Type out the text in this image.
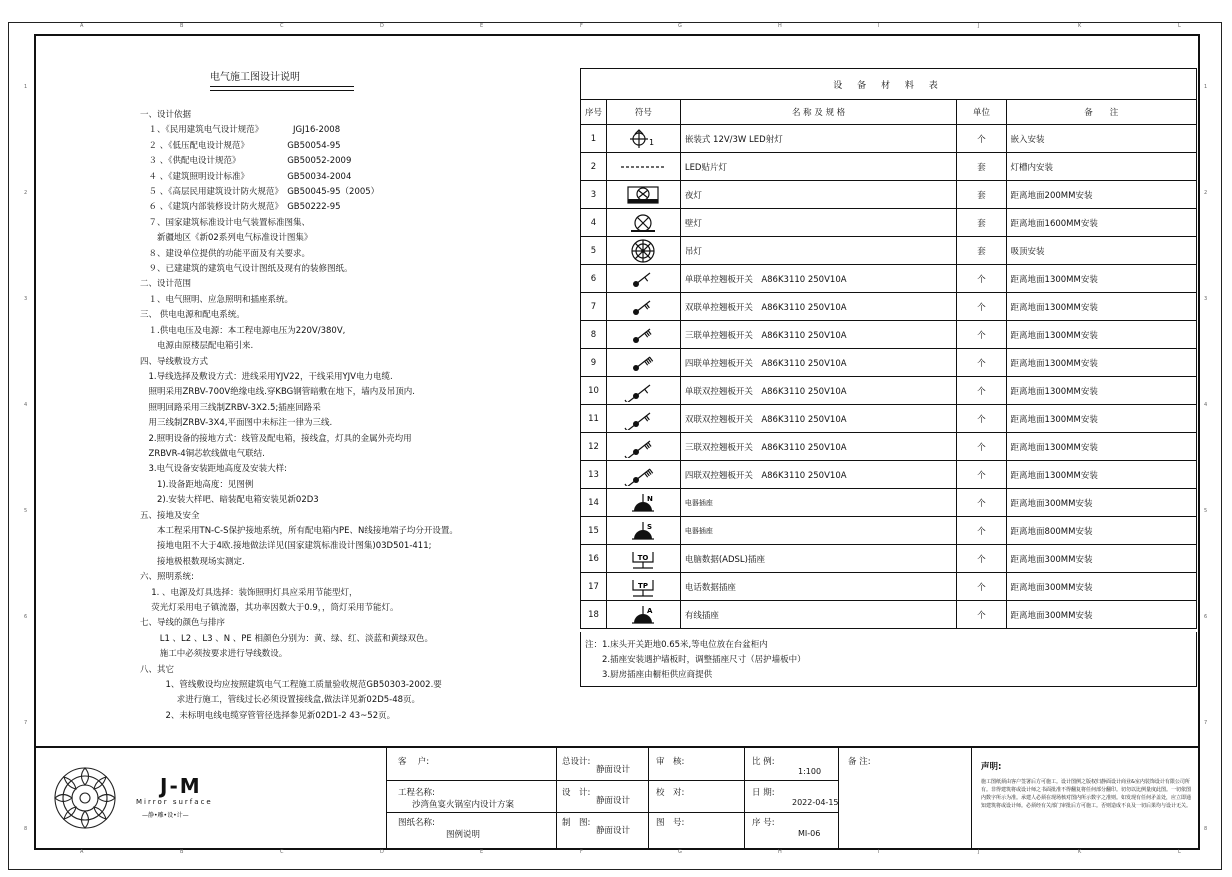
A	B	C	D	E	F	G	H	I	J	K	L
A	B	C	D	E	F	G	H	I	J	K	L
1
2
3
4
5
6
7
8
1
2
3
4
5
6
7
8
电气施工图设计说明
一、设计依据
　１、《民用建筑电气设计规范》　　　　JGJ16-2008
　２ 、《低压配电设计规范》　　　　　GB50054-95
　３ 、《供配电设计规范》　　　　　　GB50052-2009
　４ 、《建筑照明设计标准》　　　　　GB50034-2004
　５ 、《高层民用建筑设计防火规范》　GB50045-95（2005）
　６ 、《建筑内部装修设计防火规范》　GB50222-95
　７、国家建筑标准设计电气装置标准图集、
　　新疆地区《新02系列电气标准设计图集》
　８、建设单位提供的功能平面及有关要求。
　９、已建建筑的建筑电气设计图纸及现有的装修图纸。
二、设计范围
　１、电气照明、应急照明和插座系统。
三、 供电电源和配电系统。
　１.供电电压及电源：本工程电源电压为220V/380V,
　　电源由原楼层配电箱引来.
四、导线敷设方式
　1.导线选择及敷设方式：进线采用YJV22，干线采用YJV电力电缆.
　照明采用ZRBV-700V绝缘电线.穿KBG钢管暗敷在地下，墙内及吊顶内.
　照明回路采用三线制ZRBV-3X2.5;插座回路采
　用三线制ZRBV-3X4,平面图中未标注一律为三线.
　2.照明设备的接地方式：线管及配电箱，接线盒，灯具的金属外壳均用
　ZRBVR-4铜芯软线做电气联结.
　3.电气设备安装距地高度及安装大样:
　　1).设备距地高度：见图例
　　2).安装大样吧、暗装配电箱安装见新02D3
五、接地及安全
　　本工程采用TN-C-S保护接地系统，所有配电箱内PE、N线接地端子均分开设置。
　　接地电阻不大于4欧.接地做法详见(国家建筑标准设计图集)03D501-411;
　　接地极根数现场实测定.
六、照明系统:
　 1. 、电源及灯具选择：装饰照明灯具应采用节能型灯，
　 荧光灯采用电子镇流器，其功率因数大于0.9，，筒灯采用节能灯。
七、导线的颜色与排序
　　 L1 、L2 、L3 、N 、PE 相颜色分别为：黄、绿、红、淡蓝和黄绿双色。
　　 施工中必须按要求进行导线数设。
八、其它
　　　1、管线敷设均应按照建筑电气工程施工质量验收规范GB50303-2002.要
　　　　 求进行施工，管线过长必须设置接线盒,做法详见新02D5-48页。
　　　2、未标明电线电缆穿管管径选择参见新02D1-2 43~52页。
设 备 材 料 表				
序号	符号	名 称 及 规 格	单位	备　　注
1	1	嵌装式 12V/3W LED射灯	个	嵌入安装
2		LED贴片灯	套	灯槽内安装
3		夜灯	套	距离地面200MM安装
4		壁灯	套	距离地面1600MM安装
5		吊灯	套	吸顶安装
6		单联单控翘板开关　A86K3110 250V10A	个	距离地面1300MM安装
7		双联单控翘板开关　A86K3110 250V10A	个	距离地面1300MM安装
8		三联单控翘板开关　A86K3110 250V10A	个	距离地面1300MM安装
9		四联单控翘板开关　A86K3110 250V10A	个	距离地面1300MM安装
10		单联双控翘板开关　A86K3110 250V10A	个	距离地面1300MM安装
11		双联双控翘板开关　A86K3110 250V10A	个	距离地面1300MM安装
12		三联双控翘板开关　A86K3110 250V10A	个	距离地面1300MM安装
13		四联双控翘板开关　A86K3110 250V10A	个	距离地面1300MM安装
14	N	电器插座	个	距离地面300MM安装
15	S	电器插座	个	距离地面800MM安装
16	TO	电脑数据(ADSL)插座	个	距离地面300MM安装
17	TP	电话数据插座	个	距离地面300MM安装
18	A	有线插座	个	距离地面300MM安装
注：1.床头开关距地0.65米,等电位放在台盆柜内
　　2.插座安装遇护墙板时，调整插座尺寸（居护墙板中）
　　3.厨房插座由橱柜供应商提供
J-M
Mirror surface
—静•雕•设•计—
客　 户:
工程名称:
沙湾鱼宴火锅室内设计方案
图纸名称:
图例说明
总设计:
静面设计
设　计:
静面设计
制　图:
静面设计
审　核:
校　对:
图　号:
比 例:
1:100
日 期:
2022-04-15
序 号:
MI-06
备 注:	声明:
施工图纸须由客户签署后方可施工。设计图例之版权归静面设计商业&室内装饰设计有限公司所有。非得建筑将或设计师之书面批准不得翻复将任何部分翻印。切勿以比例量度此图。一切依图内数字所示为准。承建人必须在现场核对图内所示数字之准则。如发现有任何矛盖处，应立即通知建筑将或设计师。必须经有关部门审批后方可施工。否则造成不良及一切后果均与设计无关。
